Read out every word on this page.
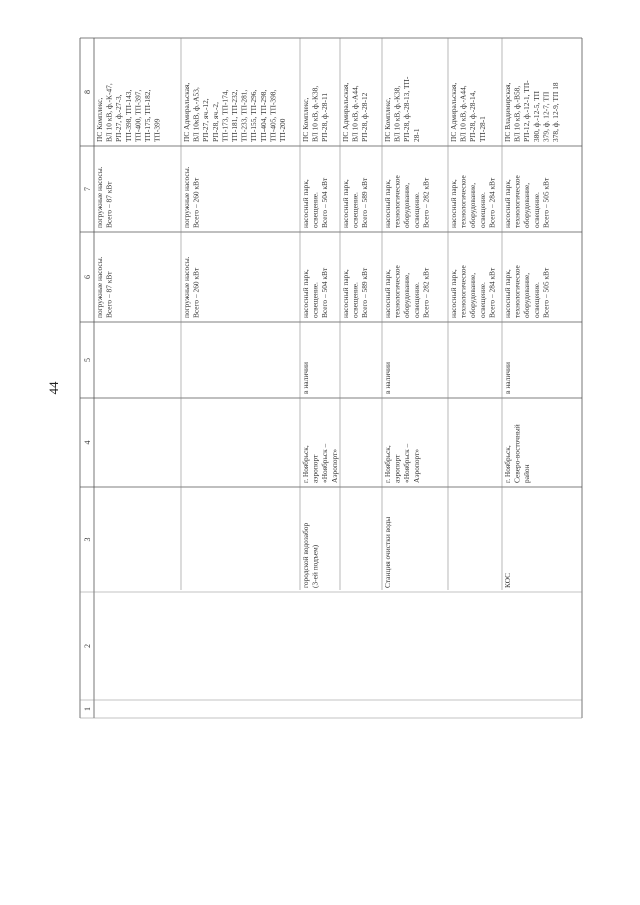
44
1
2
3
4
5
6
7
8
погружные насосы. Всего – 87 кВт
погружные насосы. Всего – 87 кВт
ПС Комплекс, ВЛ 10 кВ, ф.-К-47, РП-27, ф.-27-3, ТП-398, ТП-143, ТП-400, ТП-397, ТП-175, ТП-182, ТП-399
погружные насосы. Всего – 260 кВт
погружные насосы. Всего – 260 кВт
ПС Адмиральская, ВЛ 10кВ, ф.-А53, РП-27, яч.-12, РП-28, яч.-2, ТП-173, ТП-174, ТП-181, ТП-232, ТП-233, ТП-281, ТП-155, ТП-296, ТП-404, ТП-298, ТП-405, ТП-398, ТП-200
городской водозабор (3-ей подъем)
г. Ноябрьск, аэропорт «Ноябрьск – Аэропорт»
в наличии
насосный парк, освещение. Всего – 504 кВт
насосный парк, освещение. Всего – 504 кВт
ПС Комплекс, ВЛ 10 кВ, ф.-К38, РП-28, ф.-28-11
насосный парк, освещение. Всего – 589 кВт
насосный парк, освещение. Всего – 589 кВт
ПС Адмиральская, ВЛ 10 кВ, ф.-А44, РП-28, ф.-28-12
Станция очистки воды
г. Ноябрьск, аэропорт «Ноябрьск – Аэропорт»
в наличии
насосный парк, технологическое оборудование, освещение. Всего – 282 кВт
насосный парк, технологическое оборудование, освещение. Всего – 282 кВт
ПС Комплекс, ВЛ 10 кВ, ф.-К38, РП-28, ф.-28-13, ТП- 28-1
насосный парк, технологическое оборудование, освещение. Всего – 284 кВт
насосный парк, технологическое оборудование, освещение. Всего – 284 кВт
ПС Адмиральская, ВЛ 10 кВ, ф.-А44, РП-28, ф.-28-14, ТП-28-1
КОС
г. Ноябрьск, Северо-восточный район
в наличии
насосный парк, технологическое оборудование, освещение. Всего – 505 кВт
насосный парк, технологическое оборудование, освещение. Всего – 505 кВт
ПС Владимирская, ВЛ 10 кВ, ф.-В58, РП-12, ф.-12-1, ТП- 380, ф.-12-5, ТП 379, ф. 12-7, ТП 378, ф. 12-9, ТП 18
